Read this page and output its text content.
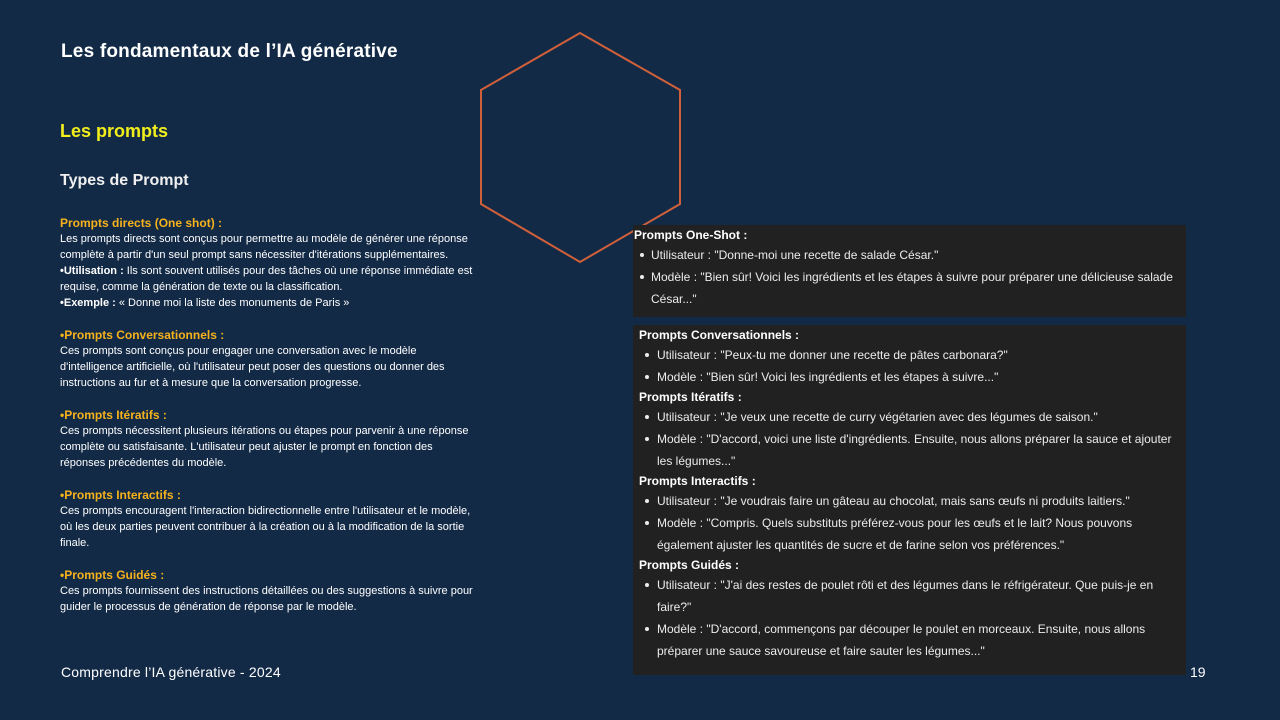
Les fondamentaux de l’IA générative
Les prompts
Types de Prompt
Prompts directs (One shot) :

Les prompts directs sont conçus pour permettre au modèle de générer une réponse complète à partir d'un seul prompt sans nécessiter d'itérations supplémentaires.

•Utilisation : Ils sont souvent utilisés pour des tâches où une réponse immédiate est requise, comme la génération de texte ou la classification.

•Exemple : « Donne moi la liste des monuments de Paris »

•Prompts Conversationnels :

Ces prompts sont conçus pour engager une conversation avec le modèle d'intelligence artificielle, où l'utilisateur peut poser des questions ou donner des instructions au fur et à mesure que la conversation progresse.

•Prompts Itératifs :

Ces prompts nécessitent plusieurs itérations ou étapes pour parvenir à une réponse complète ou satisfaisante. L'utilisateur peut ajuster le prompt en fonction des réponses précédentes du modèle.

•Prompts Interactifs :

Ces prompts encouragent l'interaction bidirectionnelle entre l'utilisateur et le modèle, où les deux parties peuvent contribuer à la création ou à la modification de la sortie finale.

•Prompts Guidés :

Ces prompts fournissent des instructions détaillées ou des suggestions à suivre pour guider le processus de génération de réponse par le modèle.

Prompts One-Shot :
Utilisateur : "Donne-moi une recette de salade César."
Modèle : "Bien sûr! Voici les ingrédients et les étapes à suivre pour préparer une délicieuse salade César..."
Prompts Conversationnels :
Utilisateur : "Peux-tu me donner une recette de pâtes carbonara?"
Modèle : "Bien sûr! Voici les ingrédients et les étapes à suivre..."
Prompts Itératifs :
Utilisateur : "Je veux une recette de curry végétarien avec des légumes de saison."
Modèle : "D'accord, voici une liste d'ingrédients. Ensuite, nous allons préparer la sauce et ajouter les légumes..."
Prompts Interactifs :
Utilisateur : "Je voudrais faire un gâteau au chocolat, mais sans œufs ni produits laitiers."
Modèle : "Compris. Quels substituts préférez-vous pour les œufs et le lait? Nous pouvons également ajuster les quantités de sucre et de farine selon vos préférences."
Prompts Guidés :
Utilisateur : "J'ai des restes de poulet rôti et des légumes dans le réfrigérateur. Que puis-je en faire?"
Modèle : "D'accord, commençons par découper le poulet en morceaux. Ensuite, nous allons préparer une sauce savoureuse et faire sauter les légumes..."
Comprendre l’IA générative - 2024	19
